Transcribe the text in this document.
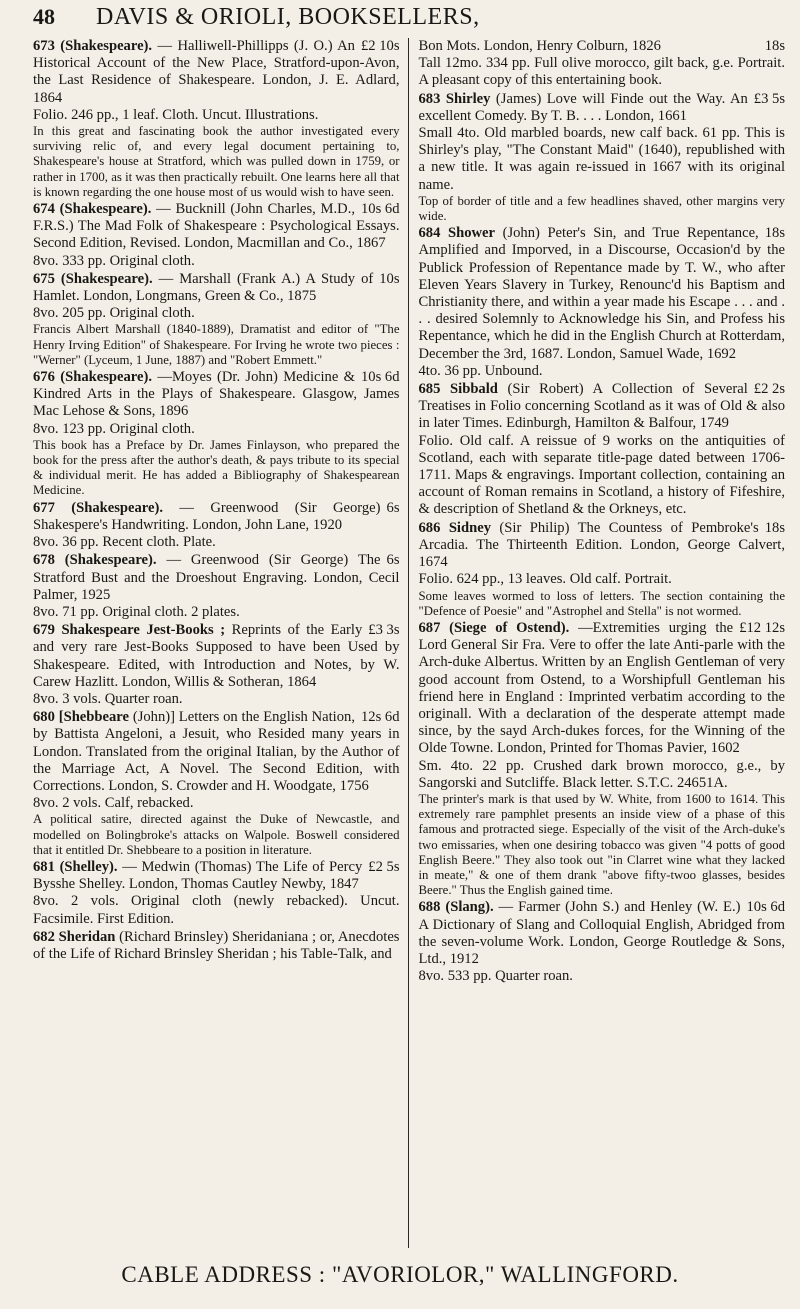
48 DAVIS & ORIOLI, BOOKSELLERS,
673 (Shakespeare).	£2 10s
— Halliwell-Phillipps (J. O.) An Historical Account of the New Place, Stratford-upon-Avon, the Last Residence of Shakespeare. London, J. E. Adlard, 1864
Folio. 246 pp., 1 leaf. Cloth. Uncut. Illustrations.
In this great and fascinating book the author investigated every surviving relic of, and every legal document pertaining to, Shakespeare's house at Stratford, which was pulled down in 1759, or rather in 1700, as it was then practically rebuilt. One learns here all that is known regarding the one house most of us would wish to have seen.
674 (Shakespeare).	10s 6d
— Bucknill (John Charles, M.D., F.R.S.) The Mad Folk of Shakespeare : Psychological Essays. Second Edition, Revised. London, Macmillan and Co., 1867
8vo. 333 pp. Original cloth.
675 (Shakespeare).	10s
— Marshall (Frank A.) A Study of Hamlet. London, Longmans, Green & Co., 1875
8vo. 205 pp. Original cloth.
Francis Albert Marshall (1840-1889), Dramatist and editor of "The Henry Irving Edition" of Shakespeare. For Irving he wrote two pieces : "Werner" (Lyceum, 1 June, 1887) and "Robert Emmett."
676 (Shakespeare).	10s 6d
—Moyes (Dr. John) Medicine & Kindred Arts in the Plays of Shakespeare. Glasgow, James Mac Lehose & Sons, 1896
8vo. 123 pp. Original cloth.
This book has a Preface by Dr. James Finlayson, who prepared the book for the press after the author's death, & pays tribute to its special & individual merit. He has added a Bibliography of Shakespearean Medicine.
677 (Shakespeare).	6s
— Greenwood (Sir George) Shakespere's Handwriting. London, John Lane, 1920
8vo. 36 pp. Recent cloth. Plate.
678 (Shakespeare).	6s
— Greenwood (Sir George) The Stratford Bust and the Droeshout Engraving. London, Cecil Palmer, 1925
8vo. 71 pp. Original cloth. 2 plates.
679 Shakespeare Jest-Books ;	£3 3s
Reprints of the Early and very rare Jest-Books Supposed to have been Used by Shakespeare. Edited, with Introduction and Notes, by W. Carew Hazlitt. London, Willis & Sotheran, 1864
8vo. 3 vols. Quarter roan.
680 [Shebbeare	12s 6d
(John)] Letters on the English Nation, by Battista Angeloni, a Jesuit, who Resided many years in London. Translated from the original Italian, by the Author of the Marriage Act, A Novel. The Second Edition, with Corrections. London, S. Crowder and H. Woodgate, 1756
8vo. 2 vols. Calf, rebacked.
A political satire, directed against the Duke of Newcastle, and modelled on Bolingbroke's attacks on Walpole. Boswell considered that it entitled Dr. Shebbeare to a position in literature.
681 (Shelley).	£2 5s
— Medwin (Thomas) The Life of Percy Bysshe Shelley. London, Thomas Cautley Newby, 1847
8vo. 2 vols. Original cloth (newly rebacked). Uncut. Facsimile. First Edition.
682 Sheridan (Richard Brinsley) Sheridaniana ; or, Anecdotes of the Life of Richard Brinsley Sheridan ; his Table-Talk, and
18s
Bon Mots. London, Henry Colburn, 1826
Tall 12mo. 334 pp. Full olive morocco, gilt back, g.e. Portrait. A pleasant copy of this entertaining book.
683 Shirley	£3 5s
(James) Love will Finde out the Way. An excellent Comedy. By T. B. . . . London, 1661
Small 4to. Old marbled boards, new calf back. 61 pp. This is Shirley's play, "The Constant Maid" (1640), republished with a new title. It was again re-issued in 1667 with its original name.
Top of border of title and a few headlines shaved, other margins very wide.
684 Shower	18s
(John) Peter's Sin, and True Repentance, Amplified and Imporved, in a Discourse, Occasion'd by the Publick Profession of Repentance made by T. W., who after Eleven Years Slavery in Turkey, Renounc'd his Baptism and Christianity there, and within a year made his Escape . . . and . . . desired Solemnly to Acknowledge his Sin, and Profess his Repentance, which he did in the English Church at Rotterdam, December the 3rd, 1687. London, Samuel Wade, 1692
4to. 36 pp. Unbound.
685 Sibbald	£2 2s
(Sir Robert) A Collection of Several Treatises in Folio concerning Scotland as it was of Old & also in later Times. Edinburgh, Hamilton & Balfour, 1749
Folio. Old calf. A reissue of 9 works on the antiquities of Scotland, each with separate title-page dated between 1706-1711. Maps & engravings. Important collection, containing an account of Roman remains in Scotland, a history of Fifeshire, & description of Shetland & the Orkneys, etc.
686 Sidney	18s
(Sir Philip) The Countess of Pembroke's Arcadia. The Thirteenth Edition. London, George Calvert, 1674
Folio. 624 pp., 13 leaves. Old calf. Portrait.
Some leaves wormed to loss of letters. The section containing the "Defence of Poesie" and "Astrophel and Stella" is not wormed.
687 (Siege of Ostend).	£12 12s
—Extremities urging the Lord General Sir Fra. Vere to offer the late Anti-parle with the Arch-duke Albertus. Written by an English Gentleman of very good account from Ostend, to a Worshipfull Gentleman his friend here in England : Imprinted verbatim according to the originall. With a declaration of the desperate attempt made since, by the sayd Arch-dukes forces, for the Winning of the Olde Towne. London, Printed for Thomas Pavier, 1602
Sm. 4to. 22 pp. Crushed dark brown morocco, g.e., by Sangorski and Sutcliffe. Black letter. S.T.C. 24651A.
The printer's mark is that used by W. White, from 1600 to 1614. This extremely rare pamphlet presents an inside view of a phase of this famous and protracted siege. Especially of the visit of the Arch-duke's two emissaries, when one desiring tobacco was given "4 potts of good English Beere." They also took out "in Clarret wine what they lacked in meate," & one of them drank "above fifty-twoo glasses, besides Beere." Thus the English gained time.
688 (Slang).	10s 6d
— Farmer (John S.) and Henley (W. E.) A Dictionary of Slang and Colloquial English, Abridged from the seven-volume Work. London, George Routledge & Sons, Ltd., 1912
8vo. 533 pp. Quarter roan.
CABLE ADDRESS : "AVORIOLOR," WALLINGFORD.
